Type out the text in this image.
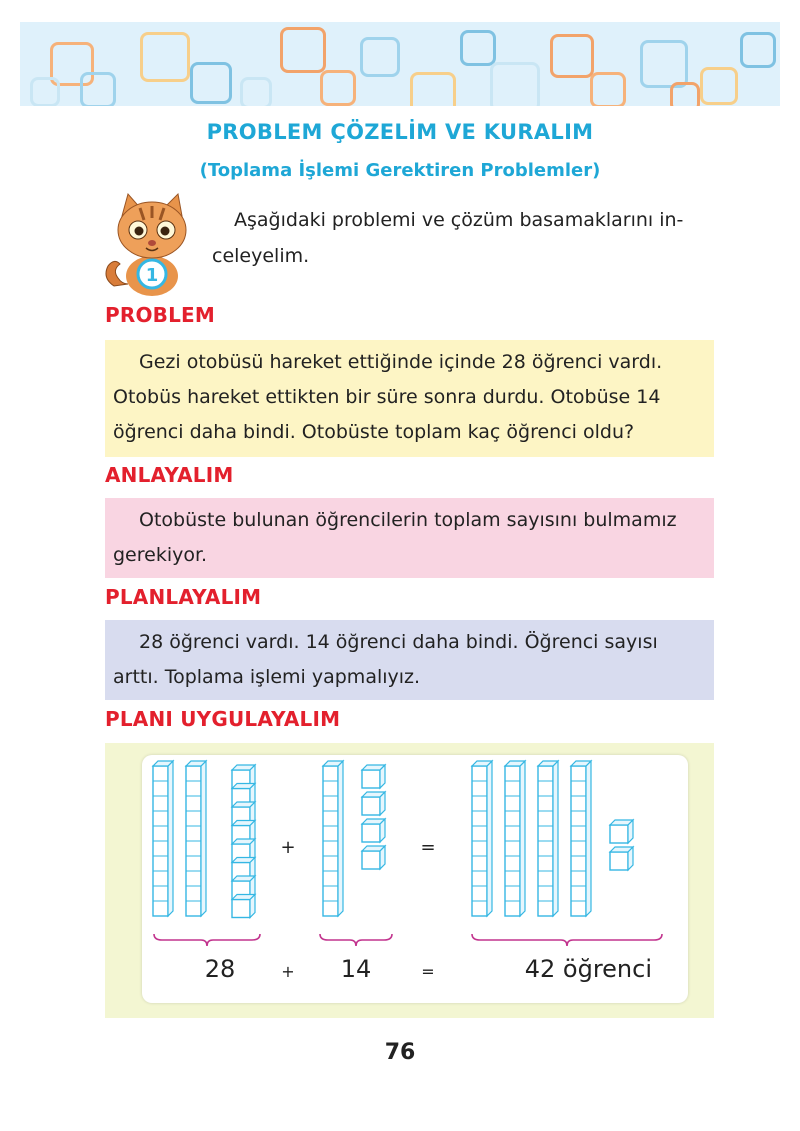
PROBLEM ÇÖZELİM VE KURALIM
(Toplama İşlemi Gerektiren Problemler)
1
Aşağıdaki problemi ve çözüm basamaklarını in-
celeyelim.
PROBLEM
Gezi otobüsü hareket ettiğinde içinde 28 öğrenci vardı.
Otobüs hareket ettikten bir süre sonra durdu. Otobüse 14
öğrenci daha bindi. Otobüste toplam kaç öğrenci oldu?
ANLAYALIM
Otobüste bulunan öğrencilerin toplam sayısını bulmamız
gerekiyor.
PLANLAYALIM
28 öğrenci vardı. 14 öğrenci daha bindi. Öğrenci sayısı
arttı. Toplama işlemi yapmalıyız.
PLANI UYGULAYALIM
+	=
28	+ 14	=	42 öğrenci
76
